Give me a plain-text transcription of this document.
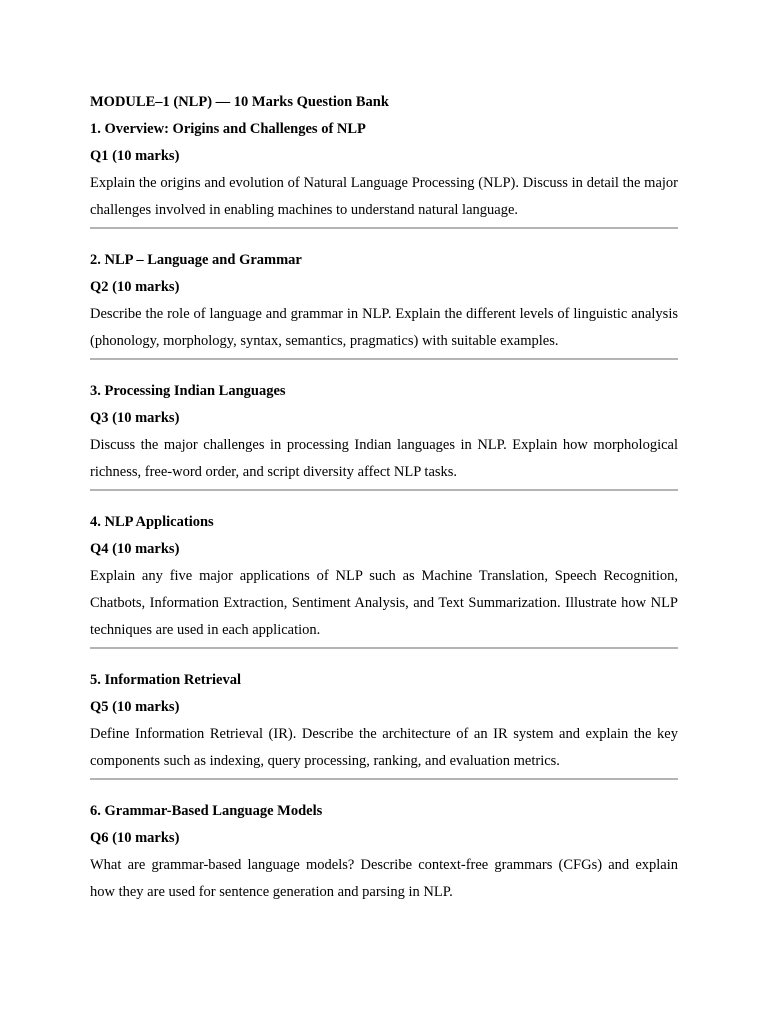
MODULE–1 (NLP) — 10 Marks Question Bank

1. Overview: Origins and Challenges of NLP

Q1 (10 marks)

Explain the origins and evolution of Natural Language Processing (NLP). Discuss in detail the major challenges involved in enabling machines to understand natural language.

2. NLP – Language and Grammar

Q2 (10 marks)

Describe the role of language and grammar in NLP. Explain the different levels of linguistic analysis (phonology, morphology, syntax, semantics, pragmatics) with suitable examples.

3. Processing Indian Languages

Q3 (10 marks)

Discuss the major challenges in processing Indian languages in NLP. Explain how morphological richness, free-word order, and script diversity affect NLP tasks.

4. NLP Applications

Q4 (10 marks)

Explain any five major applications of NLP such as Machine Translation, Speech Recognition, Chatbots, Information Extraction, Sentiment Analysis, and Text Summarization. Illustrate how NLP techniques are used in each application.

5. Information Retrieval

Q5 (10 marks)

Define Information Retrieval (IR). Describe the architecture of an IR system and explain the key components such as indexing, query processing, ranking, and evaluation metrics.

6. Grammar-Based Language Models

Q6 (10 marks)

What are grammar-based language models? Describe context-free grammars (CFGs) and explain how they are used for sentence generation and parsing in NLP.
